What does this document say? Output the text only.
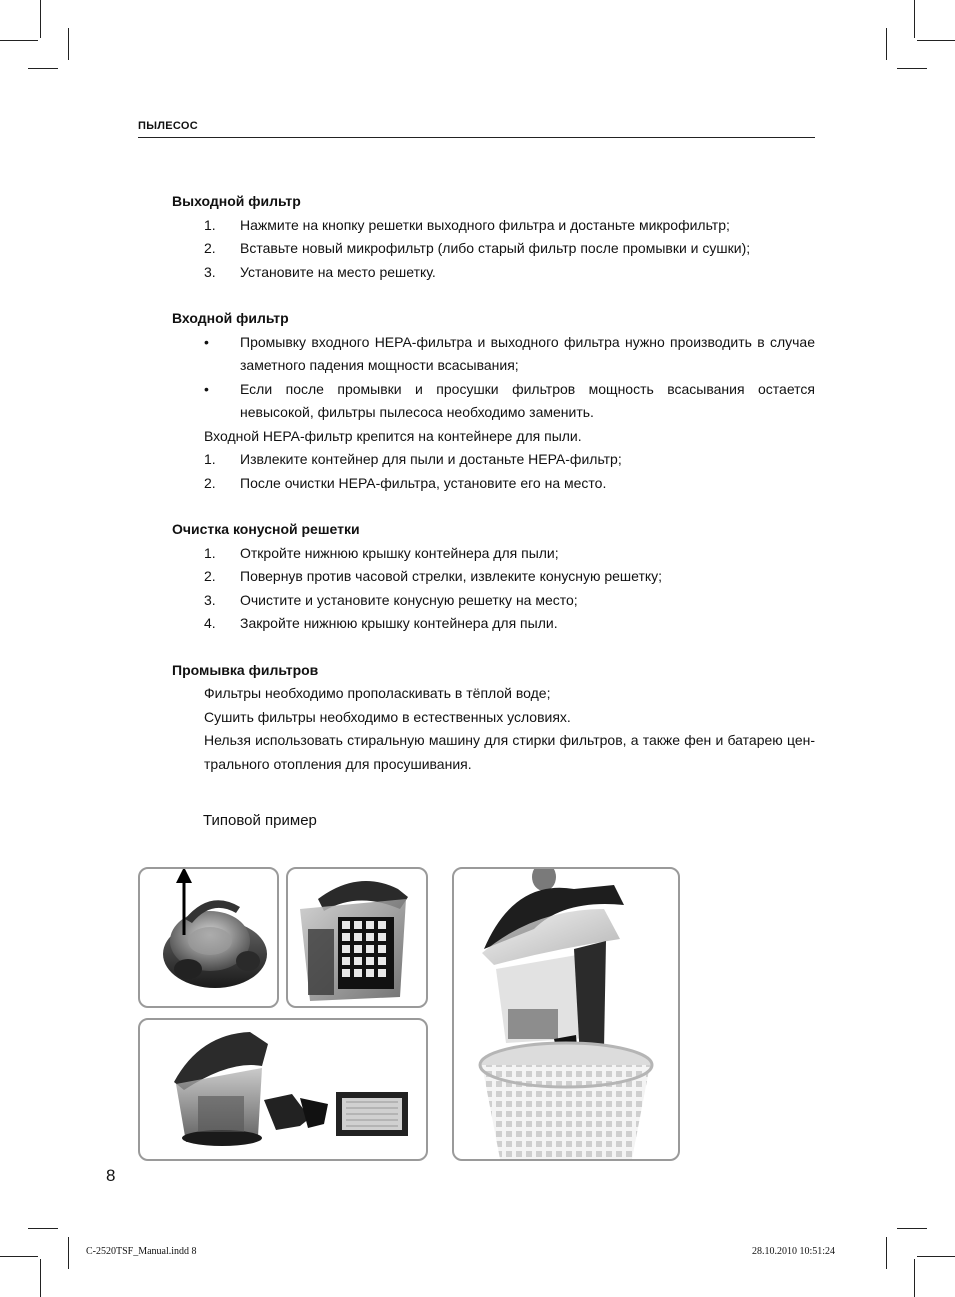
ПЫЛЕСОС
Выходной фильтр
1. Нажмите на кнопку решетки выходного фильтра и достаньте микрофильтр;
2. Вставьте новый микрофильтр (либо старый фильтр после промывки и сушки);
3. Установите на место решетку.
Входной фильтр
• Промывку входного HEPA-фильтра и выходного фильтра нужно производить в случае заметного падения мощности всасывания;
• Если после промывки и просушки фильтров мощность всасывания остается невысокой, фильтры пылесоса необходимо заменить.
Входной HEPA-фильтр крепится на контейнере для пыли.
1. Извлеките контейнер для пыли и достаньте HEPA-фильтр;
2. После очистки HEPA-фильтра, установите его на место.
Очистка конусной решетки
1. Откройте нижнюю крышку контейнера для пыли;
2. Повернув против часовой стрелки, извлеките конусную решетку;
3. Очистите и установите конусную решетку на место;
4. Закройте нижнюю крышку контейнера для пыли.
Промывка фильтров
Фильтры необходимо прополаскивать в тёплой воде;
Сушить фильтры необходимо в естественных условиях.
Нельзя использовать стиральную машину для стирки фильтров, а также фен и батарею цен-трального отопления для просушивания.
Типовой пример
8
C-2520TSF_Manual.indd 8	28.10.2010 10:51:24
